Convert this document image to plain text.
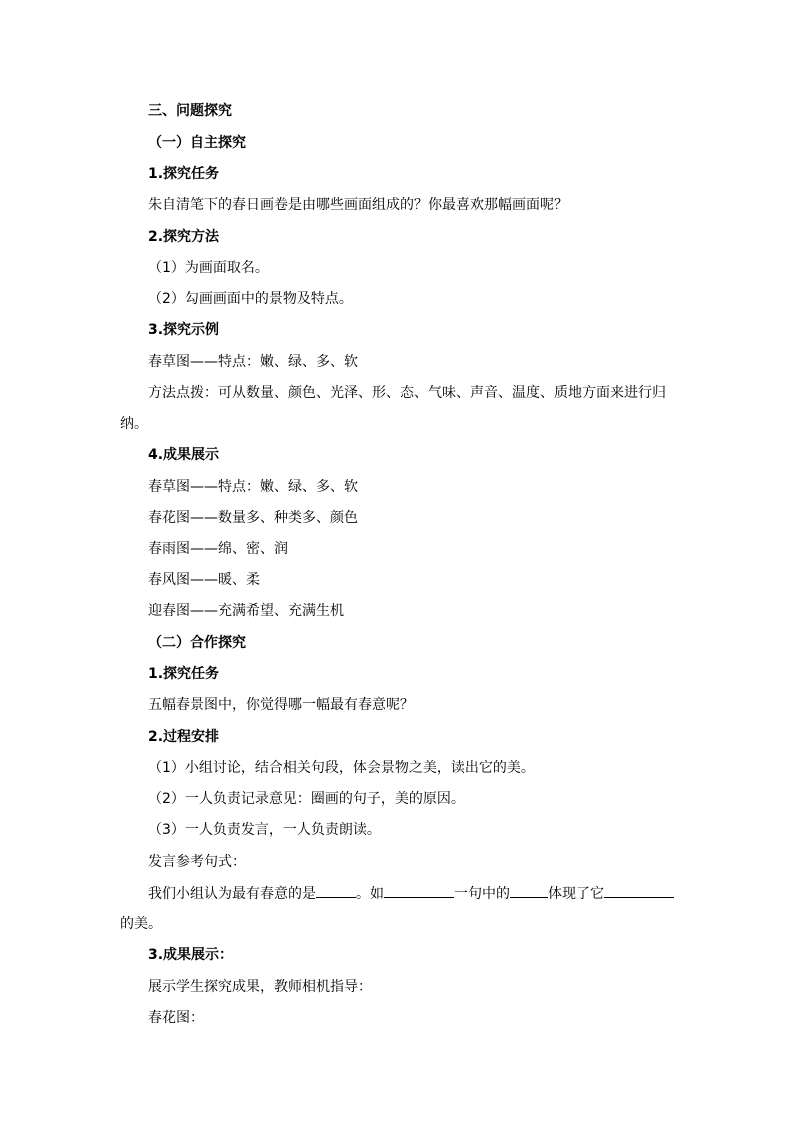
三、问题探究
（一）自主探究
1.探究任务
朱自清笔下的春日画卷是由哪些画面组成的？你最喜欢那幅画面呢？
2.探究方法
（1）为画面取名。
（2）勾画画面中的景物及特点。
3.探究示例
春草图——特点：嫩、绿、多、软
方法点拨：可从数量、颜色、光泽、形、态、气味、声音、温度、质地方面来进行归
纳。
4.成果展示
春草图——特点：嫩、绿、多、软
春花图——数量多、种类多、颜色
春雨图——绵、密、润
春风图——暖、柔
迎春图——充满希望、充满生机
（二）合作探究
1.探究任务
五幅春景图中，你觉得哪一幅最有春意呢？
2.过程安排
（1）小组讨论，结合相关句段，体会景物之美，读出它的美。
（2）一人负责记录意见：圈画的句子，美的原因。
（3）一人负责发言，一人负责朗读。
发言参考句式：
我们小组认为最有春意的是	。如	一句中的	体现了它
的美。
3.成果展示：
展示学生探究成果，教师相机指导：
春花图：
